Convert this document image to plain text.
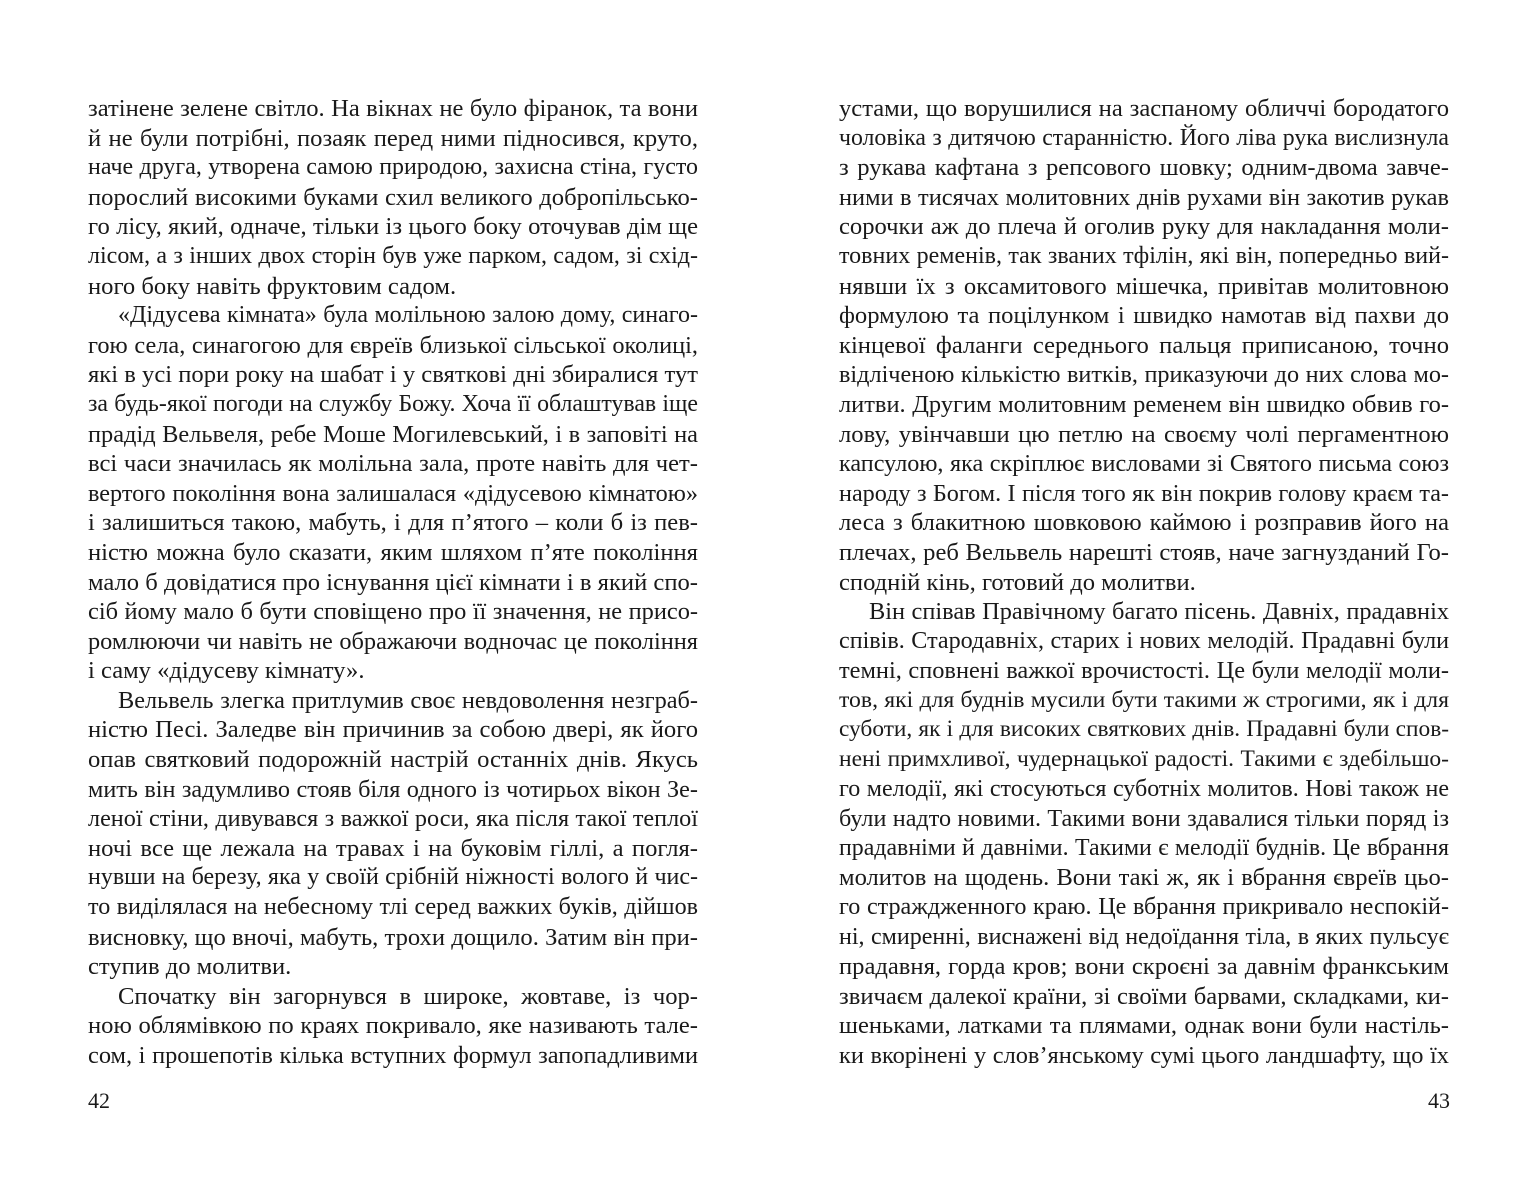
затінене зелене світло. На вікнах не було фіранок, та вони
й не були потрібні, позаяк перед ними підносився, круто,
наче друга, утворена самою природою, захисна стіна, густо
порослий високими буками схил великого добропільсько-
го лісу, який, одначе, тільки із цього боку оточував дім ще
лісом, а з інших двох сторін був уже парком, садом, зі схід-
ного боку навіть фруктовим садом.
«Дідусева кімната» була молільною залою дому, синаго-
гою села, синагогою для євреїв близької сільської околиці,
які в усі пори року на шабат і у святкові дні збиралися тут
за будь-якої погоди на службу Божу. Хоча її облаштував іще
прадід Вельвеля, ребе Моше Могилевський, і в заповіті на
всі часи значилась як молільна зала, проте навіть для чет-
вертого покоління вона залишалася «дідусевою кімнатою»
і залишиться такою, мабуть, і для п’ятого – коли б із пев-
ністю можна було сказати, яким шляхом п’яте покоління
мало б довідатися про існування цієї кімнати і в який спо-
сіб йому мало б бути сповіщено про її значення, не присо-
ромлюючи чи навіть не ображаючи водночас це покоління
і саму «дідусеву кімнату».
Вельвель злегка притлумив своє невдоволення незграб-
ністю Песі. Заледве він причинив за собою двері, як його
опав святковий подорожній настрій останніх днів. Якусь
мить він задумливо стояв біля одного із чотирьох вікон Зе-
леної стіни, дивувався з важкої роси, яка після такої теплої
ночі все ще лежала на травах і на буковім гіллі, а погля-
нувши на березу, яка у своїй срібній ніжності волого й чис-
то виділялася на небесному тлі серед важких буків, дійшов
висновку, що вночі, мабуть, трохи дощило. Затим він при-
ступив до молитви.
Спочатку він загорнувся в широке, жовтаве, із чор-
ною облямівкою по краях покривало, яке називають тале-
сом, і прошепотів кілька вступних формул запопадливими
42
устами, що ворушилися на заспаному обличчі бородатого
чоловіка з дитячою старанністю. Його ліва рука вислизнула
з рукава кафтана з репсового шовку; одним-двома завче-
ними в тисячах молитовних днів рухами він закотив рукав
сорочки аж до плеча й оголив руку для накладання моли-
товних ременів, так званих тфілін, які він, попередньо вий-
нявши їх з оксамитового мішечка, привітав молитовною
формулою та поцілунком і швидко намотав від пахви до
кінцевої фаланги середнього пальця приписаною, точно
відліченою кількістю витків, приказуючи до них слова мо-
литви. Другим молитовним ременем він швидко обвив го-
лову, увінчавши цю петлю на своєму чолі пергаментною
капсулою, яка скріплює висловами зі Святого письма союз
народу з Богом. І після того як він покрив голову краєм та-
леса з блакитною шовковою каймою і розправив його на
плечах, реб Вельвель нарешті стояв, наче загнузданий Го-
сподній кінь, готовий до молитви.
Він співав Правічному багато пісень. Давніх, прадавніх
співів. Стародавніх, старих і нових мелодій. Прадавні були
темні, сповнені важкої врочистості. Це були мелодії моли-
тов, які для буднів мусили бути такими ж строгими, як і для
суботи, як і для високих святкових днів. Прадавні були спов-
нені примхливої, чудернацької радості. Такими є здебільшо-
го мелодії, які стосуються суботніх молитов. Нові також не
були надто новими. Такими вони здавалися тільки поряд із
прадавніми й давніми. Такими є мелодії буднів. Це вбрання
молитов на щодень. Вони такі ж, як і вбрання євреїв цьо-
го страждженного краю. Це вбрання прикривало неспокій-
ні, смиренні, виснажені від недоїдання тіла, в яких пульсує
прадавня, горда кров; вони скроєні за давнім франкським
звичаєм далекої країни, зі своїми барвами, складками, ки-
шеньками, латками та плямами, однак вони були настіль-
ки вкорінені у слов’янському сумі цього ландшафту, що їх
43
